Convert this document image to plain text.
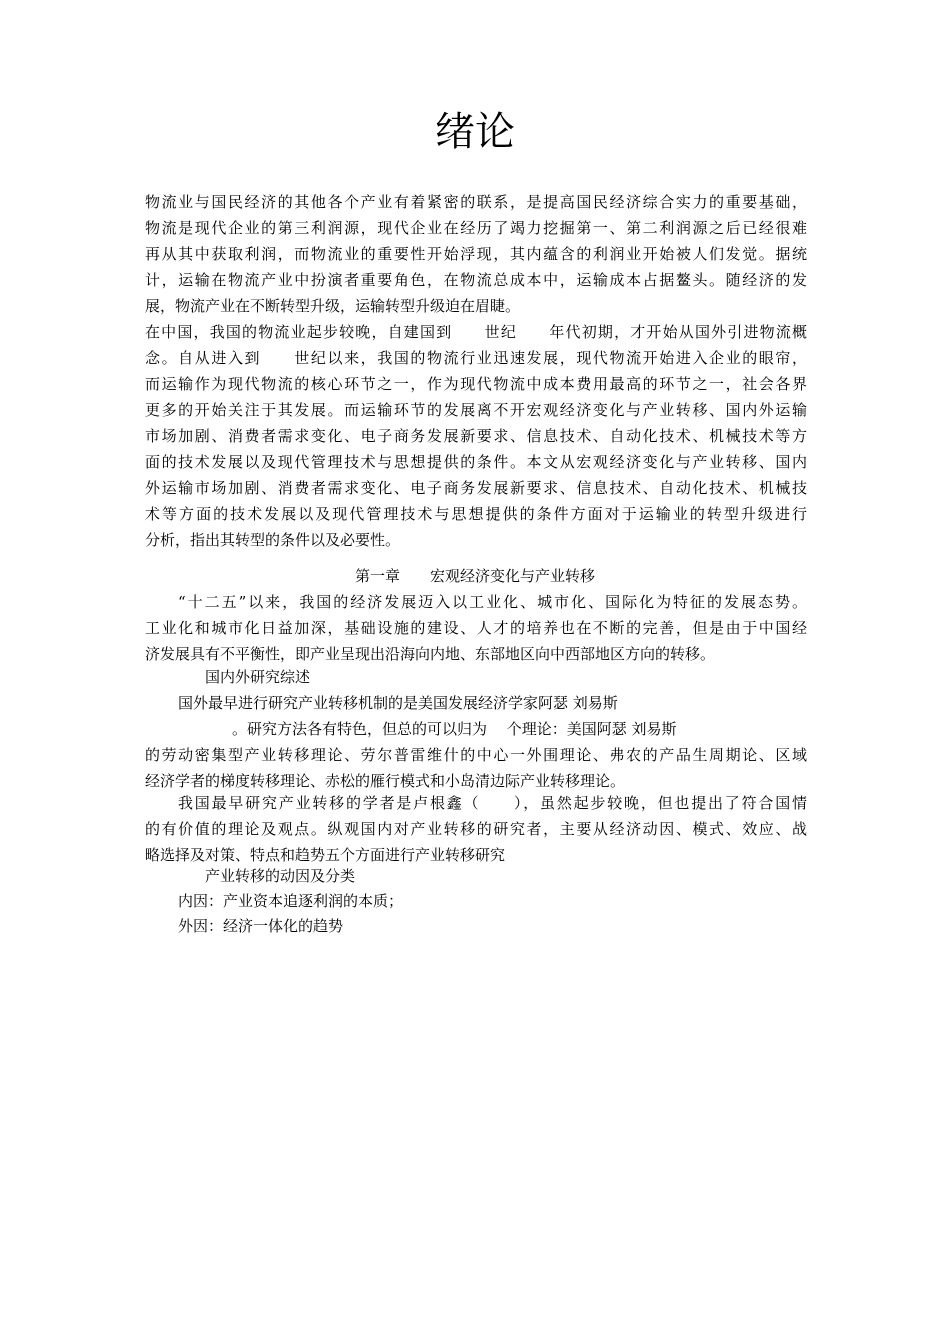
绪论
物流业与国民经济的其他各个产业有着紧密的联系，是提高国民经济综合实力的重要基础，
物流是现代企业的第三利润源，现代企业在经历了竭力挖掘第一、第二利润源之后已经很难
再从其中获取利润，而物流业的重要性开始浮现，其内蕴含的利润业开始被人们发觉。据统
计，运输在物流产业中扮演者重要角色，在物流总成本中，运输成本占据鳌头。随经济的发
展，物流产业在不断转型升级，运输转型升级迫在眉睫。
在中国，我国的物流业起步较晚，自建国到　　世纪　　年代初期，才开始从国外引进物流概
念。自从进入到　　世纪以来，我国的物流行业迅速发展，现代物流开始进入企业的眼帘，
而运输作为现代物流的核心环节之一，作为现代物流中成本费用最高的环节之一，社会各界
更多的开始关注于其发展。而运输环节的发展离不开宏观经济变化与产业转移、国内外运输
市场加剧、消费者需求变化、电子商务发展新要求、信息技术、自动化技术、机械技术等方
面的技术发展以及现代管理技术与思想提供的条件。本文从宏观经济变化与产业转移、国内
外运输市场加剧、消费者需求变化、电子商务发展新要求、信息技术、自动化技术、机械技
术等方面的技术发展以及现代管理技术与思想提供的条件方面对于运输业的转型升级进行
分析，指出其转型的条件以及必要性。
第一章　　宏观经济变化与产业转移
“十二五”以来，我国的经济发展迈入以工业化、城市化、国际化为特征的发展态势。
工业化和城市化日益加深，基础设施的建设、人才的培养也在不断的完善，但是由于中国经
济发展具有不平衡性，即产业呈现出沿海向内地、东部地区向中西部地区方向的转移。
国内外研究综述
国外最早进行研究产业转移机制的是美国发展经济学家阿瑟 刘易斯
。研究方法各有特色，但总的可以归为　 个理论：美国阿瑟 刘易斯
的劳动密集型产业转移理论、劳尔普雷维什的中心一外围理论、弗农的产品生周期论、区域
经济学者的梯度转移理论、赤松的雁行模式和小岛清边际产业转移理论。
我国最早研究产业转移的学者是卢根鑫（　　），虽然起步较晚，但也提出了符合国情
的有价值的理论及观点。纵观国内对产业转移的研究者，主要从经济动因、模式、效应、战
略选择及对策、特点和趋势五个方面进行产业转移研究
产业转移的动因及分类
内因：产业资本追逐利润的本质；
外因：经济一体化的趋势
